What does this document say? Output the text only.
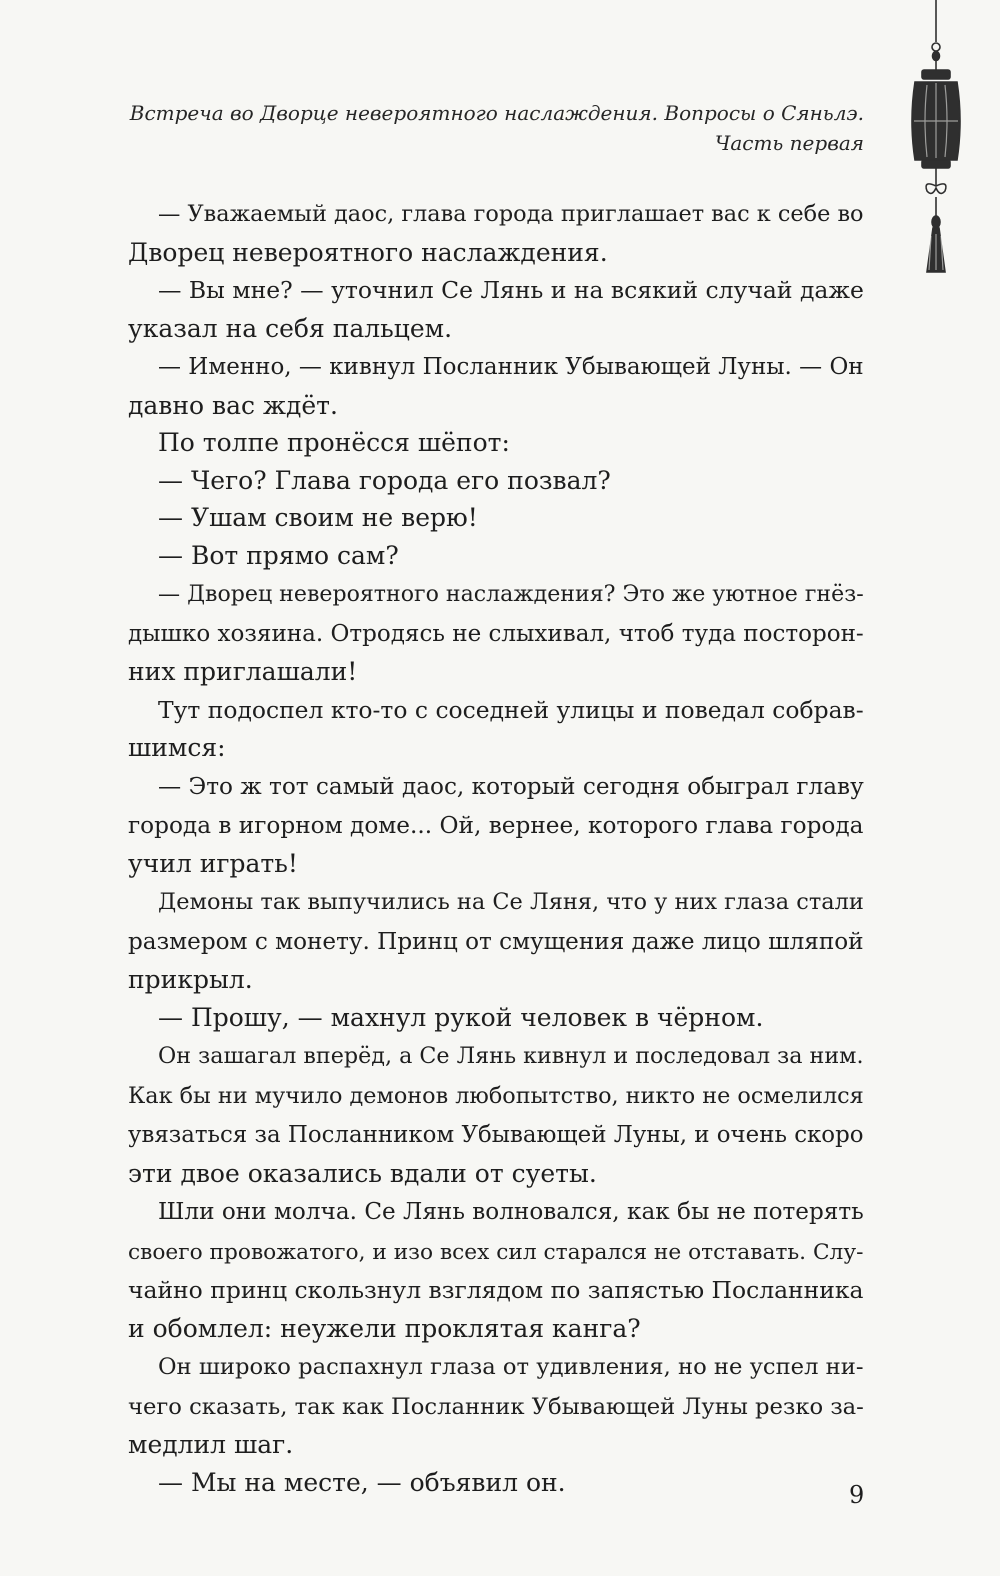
Встреча во Дворце невероятного наслаждения. Вопросы о Сяньлэ.
Часть первая

— Уважаемый даос, глава города приглашает вас к себе во

Дворец невероятного наслаждения.

— Вы мне? — уточнил Се Лянь и на всякий случай даже

указал на себя пальцем.

— Именно, — кивнул Посланник Убывающей Луны. — Он

давно вас ждёт.

По толпе пронёсся шёпот:

— Чего? Глава города его позвал?

— Ушам своим не верю!

— Вот прямо сам?

— Дворец невероятного наслаждения? Это же уютное гнёз-

дышко хозяина. Отродясь не слыхивал, чтоб туда посторон-

них приглашали!

Тут подоспел кто-то с соседней улицы и поведал собрав-

шимся:

— Это ж тот самый даос, который сегодня обыграл главу

города в игорном доме... Ой, вернее, которого глава города

учил играть!

Демоны так выпучились на Се Ляня, что у них глаза стали

размером с монету. Принц от смущения даже лицо шляпой

прикрыл.

— Прошу, — махнул рукой человек в чёрном.

Он зашагал вперёд, а Се Лянь кивнул и последовал за ним.

Как бы ни мучило демонов любопытство, никто не осмелился

увязаться за Посланником Убывающей Луны, и очень скоро

эти двое оказались вдали от суеты.

Шли они молча. Се Лянь волновался, как бы не потерять

своего провожатого, и изо всех сил старался не отставать. Слу-

чайно принц скользнул взглядом по запястью Посланника

и обомлел: неужели проклятая канга?

Он широко распахнул глаза от удивления, но не успел ни-

чего сказать, так как Посланник Убывающей Луны резко за-

медлил шаг.

— Мы на месте, — объявил он.	9
